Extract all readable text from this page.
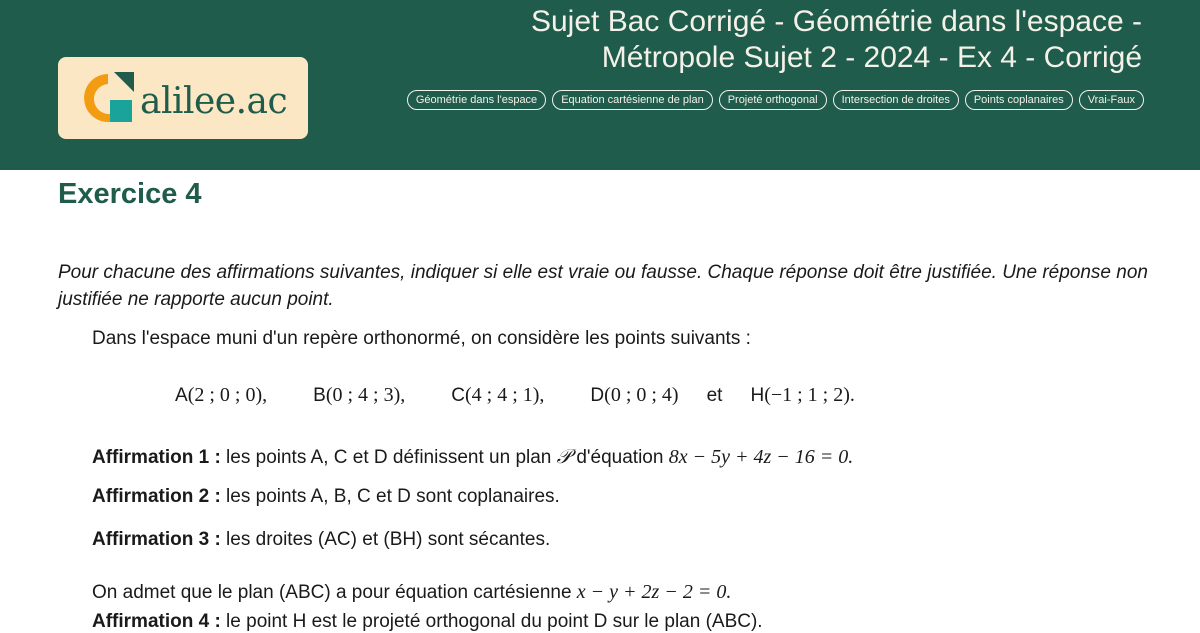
alilee.ac
Sujet Bac Corrigé - Géométrie dans l'espace -
Métropole Sujet 2 - 2024 - Ex 4 - Corrigé
Géométrie dans l'espace	Equation cartésienne de plan	Projeté orthogonal	Intersection de droites	Points coplanaires	Vrai-Faux
Exercice 4
Pour chacune des affirmations suivantes, indiquer si elle est vraie ou fausse. Chaque réponse doit être justifiée. Une réponse non justifiée ne rapporte aucun point.
Dans l'espace muni d'un repère orthonormé, on considère les points suivants :
A(2 ; 0 ; 0), B(0 ; 4 ; 3), C(4 ; 4 ; 1), D(0 ; 0 ; 4) et H(−1 ; 1 ; 2).
Affirmation 1 : les points A, C et D définissent un plan 𝒫 d'équation 8x − 5y + 4z − 16 = 0.
Affirmation 2 : les points A, B, C et D sont coplanaires.
Affirmation 3 : les droites (AC) et (BH) sont sécantes.
On admet que le plan (ABC) a pour équation cartésienne x − y + 2z − 2 = 0.
Affirmation 4 : le point H est le projeté orthogonal du point D sur le plan (ABC).
